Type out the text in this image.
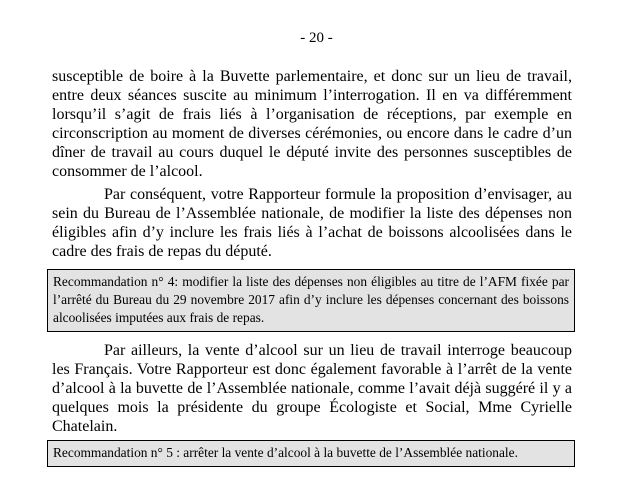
- 20 -

susceptible de boire à la Buvette parlementaire, et donc sur un lieu de travail, entre deux séances suscite au minimum l’interrogation. Il en va différemment lorsqu’il s’agit de frais liés à l’organisation de réceptions, par exemple en circonscription au moment de diverses cérémonies, ou encore dans le cadre d’un dîner de travail au cours duquel le député invite des personnes susceptibles de consommer de l’alcool.

Par conséquent, votre Rapporteur formule la proposition d’envisager, au sein du Bureau de l’Assemblée nationale, de modifier la liste des dépenses non éligibles afin d’y inclure les frais liés à l’achat de boissons alcoolisées dans le cadre des frais de repas du député.

Recommandation n° 4: modifier la liste des dépenses non éligibles au titre de l’AFM fixée par l’arrêté du Bureau du 29 novembre 2017 afin d’y inclure les dépenses concernant des boissons alcoolisées imputées aux frais de repas.

Par ailleurs, la vente d’alcool sur un lieu de travail interroge beaucoup les Français. Votre Rapporteur est donc également favorable à l’arrêt de la vente d’alcool à la buvette de l’Assemblée nationale, comme l’avait déjà suggéré il y a quelques mois la présidente du groupe Écologiste et Social, Mme Cyrielle Chatelain.

Recommandation n° 5 : arrêter la vente d’alcool à la buvette de l’Assemblée nationale.
